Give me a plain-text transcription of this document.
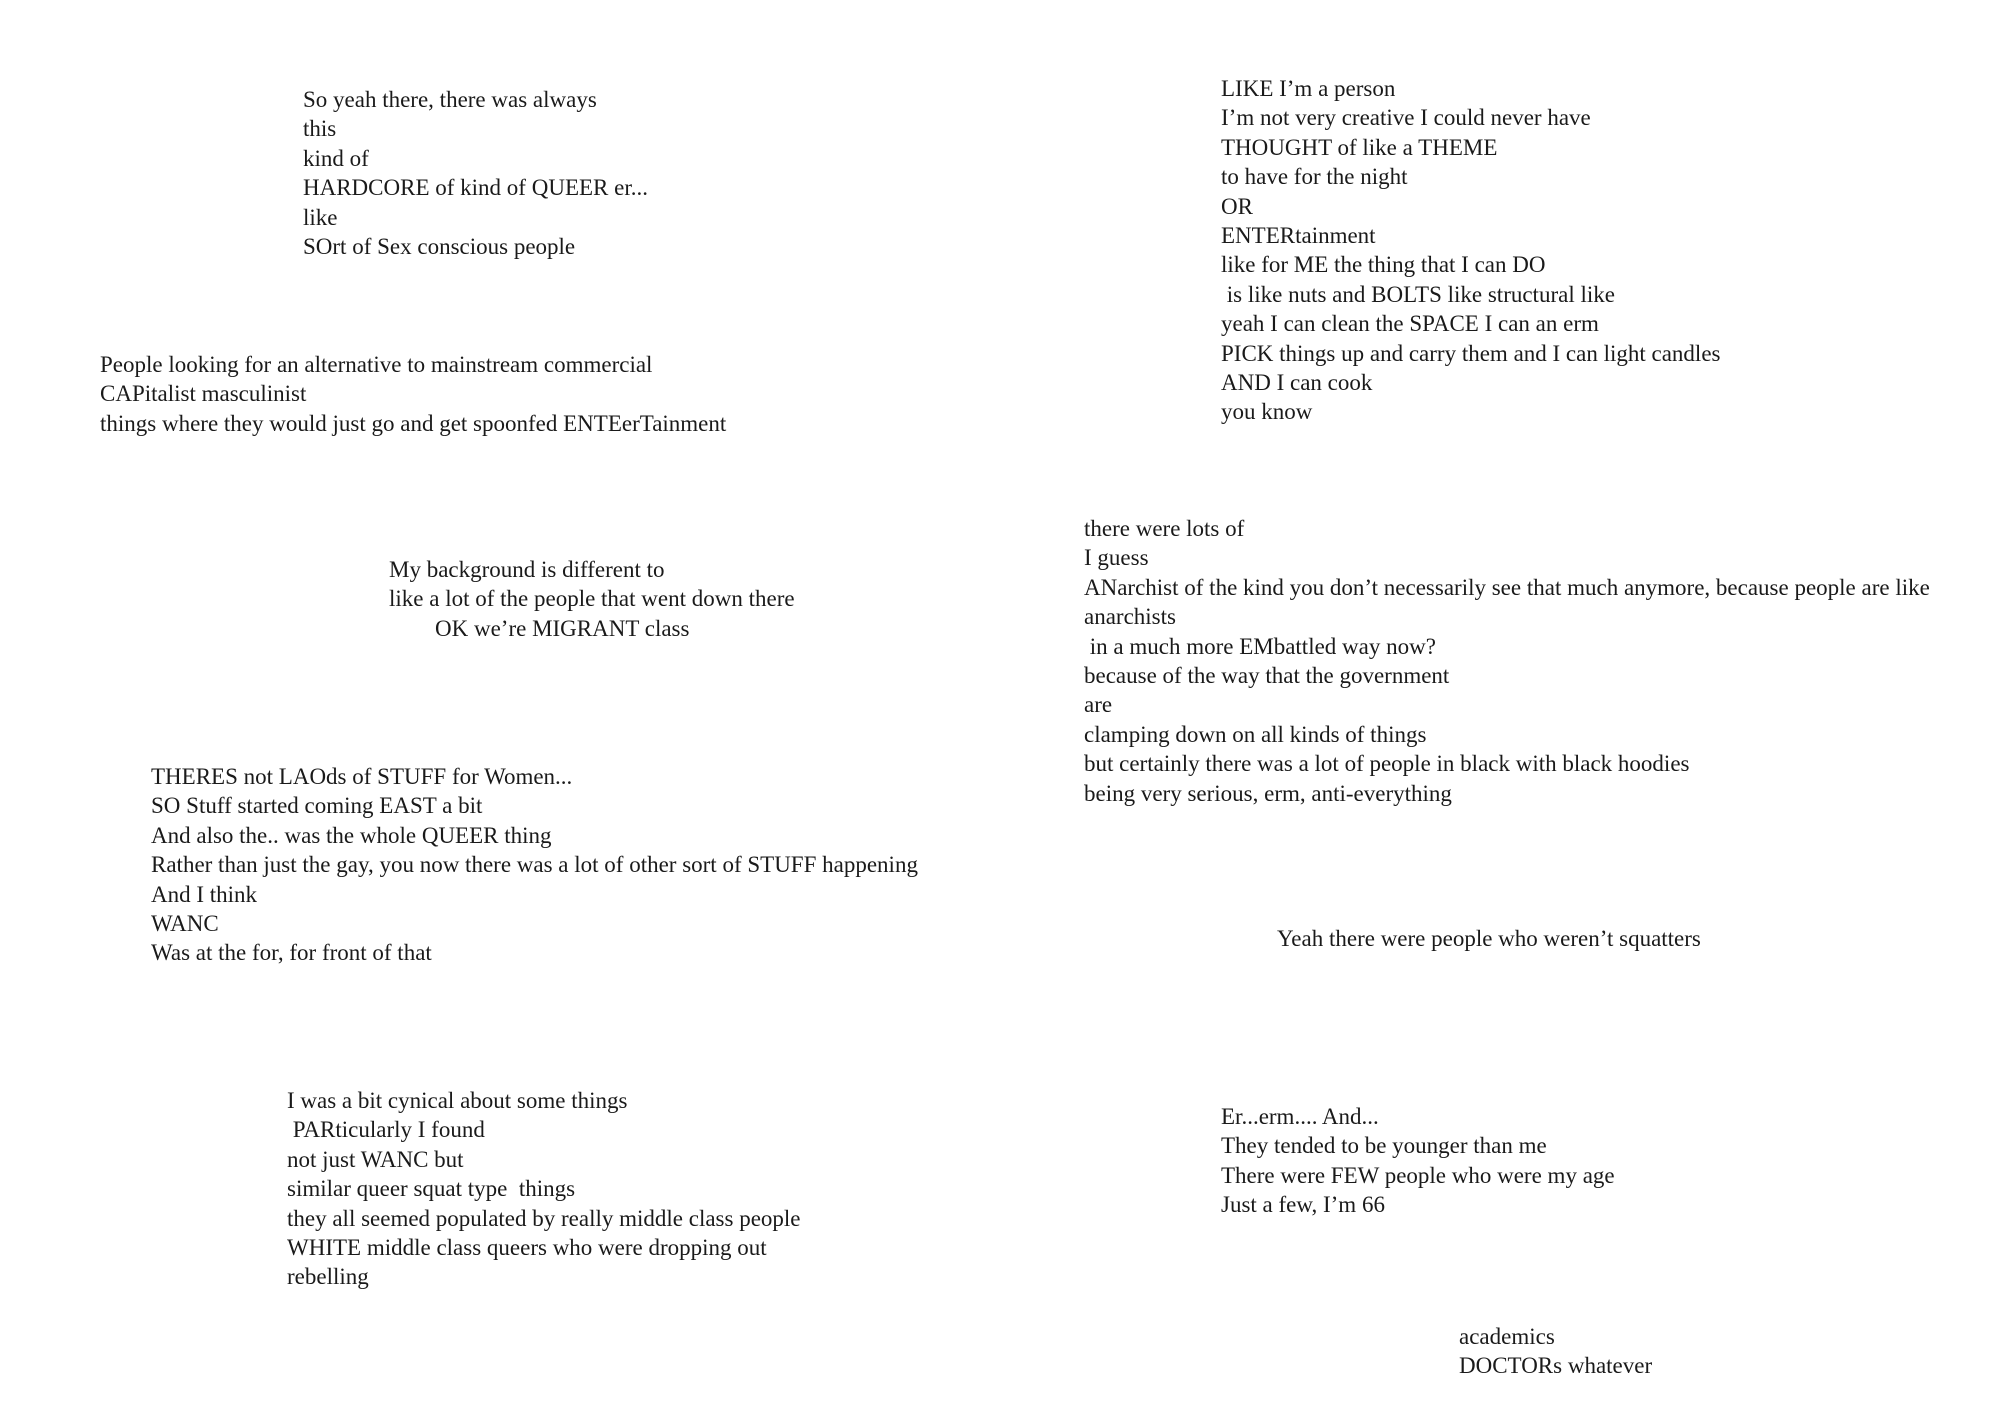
So yeah there, there was always
this
kind of
HARDCORE of kind of QUEER er...
like
SOrt of Sex conscious people
LIKE I’m a person
I’m not very creative I could never have
THOUGHT of like a THEME
to have for the night
OR
ENTERtainment
like for ME the thing that I can DO
is like nuts and BOLTS like structural like
yeah I can clean the SPACE I can an erm
PICK things up and carry them and I can light candles
AND I can cook
you know
People looking for an alternative to mainstream commercial
CAPitalist masculinist
things where they would just go and get spoonfed ENTEerTainment
there were lots of
I guess
ANarchist of the kind you don’t necessarily see that much anymore, because people are like
anarchists
in a much more EMbattled way now?
because of the way that the government
are
clamping down on all kinds of things
but certainly there was a lot of people in black with black hoodies
being very serious, erm, anti-everything
My background is different to
like a lot of the people that went down there
OK we’re MIGRANT class
THERES not LAOds of STUFF for Women...
SO Stuff started coming EAST a bit
And also the.. was the whole QUEER thing
Rather than just the gay, you now there was a lot of other sort of STUFF happening
And I think
WANC
Was at the for, for front of that
Yeah there were people who weren’t squatters
I was a bit cynical about some things
PARticularly I found
not just WANC but
similar queer squat type  things
they all seemed populated by really middle class people
WHITE middle class queers who were dropping out
rebelling
Er...erm.... And...
They tended to be younger than me
There were FEW people who were my age
Just a few, I’m 66
academics
DOCTORs whatever
